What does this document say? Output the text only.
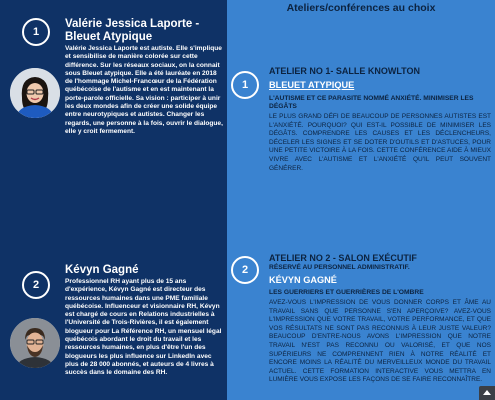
1
Valérie Jessica Laporte - Bleuet Atypique
Valérie Jessica Laporte est autiste. Elle s'implique et sensibilise de manière colorée sur cette différence. Sur les réseaux sociaux, on la connait sous Bleuet atypique. Elle a été lauréate en 2018 de l'hommage Michel-Francœur de la Fédération québécoise de l'autisme et en est maintenant la porte-parole officielle. Sa vision : participer à unir les deux mondes afin de créer une solide équipe entre neurotypiques et autistes. Changer les regards, une personne à la fois, ouvrir le dialogue, elle y croit fermement.
2
Kévyn Gagné
Professionnel RH ayant plus de 15 ans d'expérience, Kévyn Gagné est directeur des ressources humaines dans une PME familiale québécoise. Influenceur et visionnaire RH, Kévyn est chargé de cours en Relations industrielles à l'Université de Trois-Rivières, il est également blogueur pour La Référence RH, un mensuel légal québécois abordant le droit du travail et les ressources humaines, en plus d'être l'un des blogueurs les plus influence sur LinkedIn avec plus de 28 000 abonnés, et auteurs de 4 livres à succès dans le domaine des RH.
Ateliers/conférences au choix
1
ATELIER NO 1- SALLE KNOWLTON
BLEUET ATYPIQUE
L'AUTISME ET CE PARASITE NOMMÉ ANXIÉTÉ. MINIMISER LES DÉGÂTS
LE PLUS GRAND DÉFI DE BEAUCOUP DE PERSONNES AUTISTES EST L'ANXIÉTÉ. POURQUOI? QUI EST-IL POSSIBLE DE MINIMISER LES DÉGÂTS. COMPRENDRE LES CAUSES ET LES DÉCLENCHEURS, DÉCELER LES SIGNES ET SE DOTER D'OUTILS ET D'ASTUCES, POUR UNE PETITE VICTOIRE À LA FOIS. CETTE CONFÉRENCE AIDE À MIEUX VIVRE AVEC L'AUTISME ET L'ANXIÉTÉ QU'IL PEUT SOUVENT GÉNÉRER.
2
ATELIER NO 2 - SALON EXÉCUTIF
RÉSERVÉ AU PERSONNEL ADMINISTRATIF.
KÉVYN GAGNÉ
LES GUERRIERS ET GUERRIÈRES DE L'OMBRE
AVEZ-VOUS L'IMPRESSION DE VOUS DONNER CORPS ET ÂME AU TRAVAIL SANS QUE PERSONNE S'EN APERÇOIVE? AVEZ-VOUS L'IMPRESSION QUE VOTRE TRAVAIL, VOTRE PERFORMANCE, ET QUE VOS RÉSULTATS NE SONT PAS RECONNUS À LEUR JUSTE VALEUR? BEAUCOUP D'ENTRE-NOUS AVONS L'IMPRESSION QUE NOTRE TRAVAIL N'EST PAS RECONNU OU VALORISÉ, ET QUE NOS SUPÉRIEURS NE COMPRENNENT RIEN À NOTRE RÉALITÉ ET ENCORE MOINS LA RÉALITÉ DU MERVEILLEUX MONDE DU TRAVAIL ACTUEL. CETTE FORMATION INTERACTIVE VOUS METTRA EN LUMIÈRE VOUS EXPOSE LES FAÇONS DE SE FAIRE RECONNAÎTRE.
